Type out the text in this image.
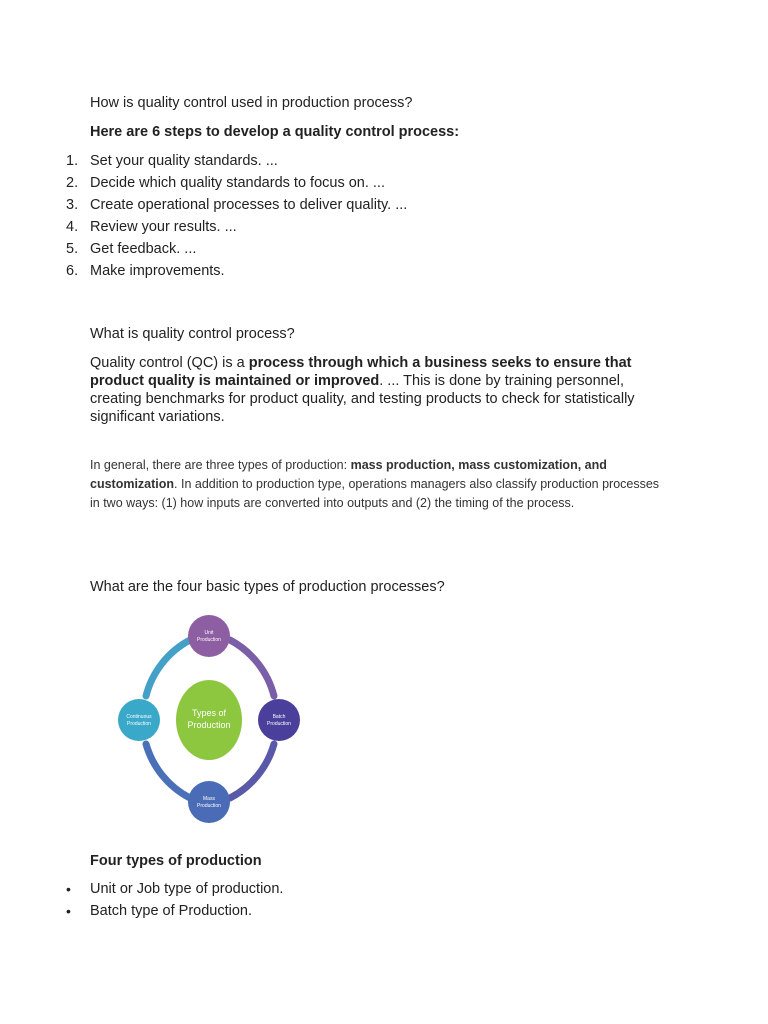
How is quality control used in production process?

Here are 6 steps to develop a quality control process:

1. Set your quality standards. ...
2. Decide which quality standards to focus on. ...
3. Create operational processes to deliver quality. ...
4. Review your results. ...
5. Get feedback. ...
6. Make improvements.

What is quality control process?

Quality control (QC) is a process through which a business seeks to ensure that product quality is maintained or improved. ... This is done by training personnel, creating benchmarks for product quality, and testing products to check for statistically significant variations.

In general, there are three types of production: mass production, mass customization, and customization. In addition to production type, operations managers also classify production processes in two ways: (1) how inputs are converted into outputs and (2) the timing of the process.

What are the four basic types of production processes?

Types of
Production
Unit
Production
Batch
Production
Mass
Production
Continuous
Production

Four types of production

•	Unit or Job type of production.
•	Batch type of Production.
